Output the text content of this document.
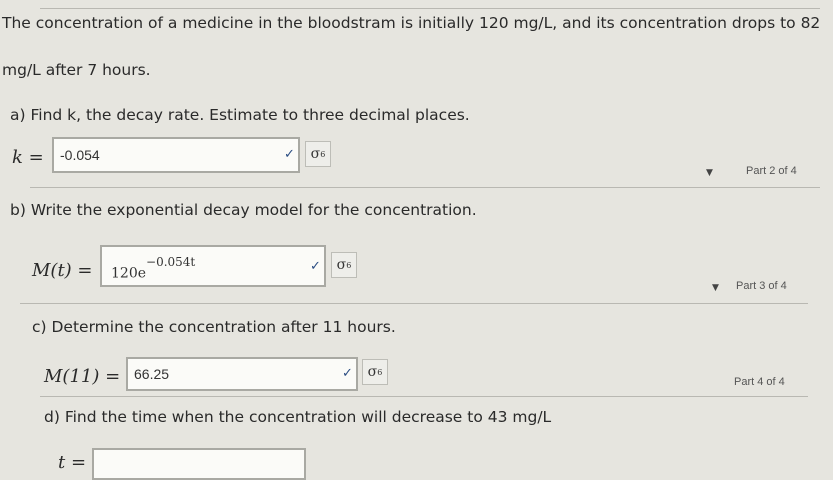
The concentration of a medicine in the bloodstram is initially 120 mg/L, and its concentration drops to 82
mg/L after 7 hours.
a) Find k, the decay rate. Estimate to three decimal places.
k = -0.054	✓ σ 6
▼	Part 2 of 4
b) Write the exponential decay model for the concentration.
$M(t) = 120e^{-0.054t}$	✓ σ 6
▼ Part 3 of 4
c) Determine the concentration after 11 hours.
M(11) = 66.25	✓ σ 6
Part 4 of 4
d) Find the time when the concentration will decrease to 43 mg/L
t =
